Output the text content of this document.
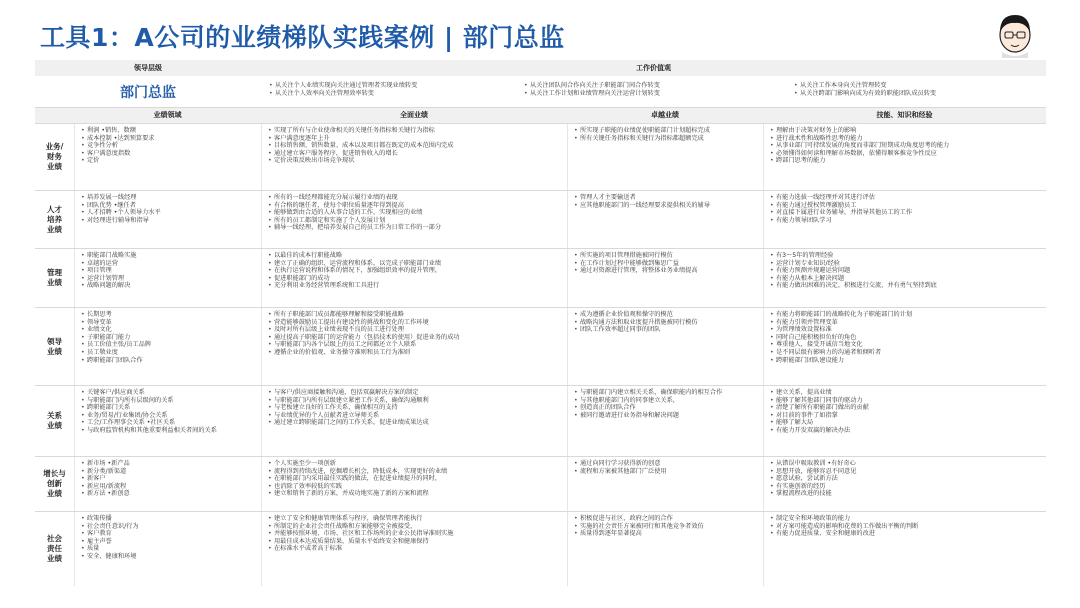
工具1：A公司的业绩梯队实践案例 | 部门总监
领导层级	工作价值观
部门总监
•	从关注个人业绩实现向关注通过管理者实现业绩转变
• 从关注个人效率向关注管理效率转变
• 从关注团队间合作向关注子职能部门间合作转变
• 从关注工作计划和业绩管理向关注运营计划转变
• 从关注工作本身向关注管理转变
• 从关注跨部门影响向成为有效的职能团队成员转变
业绩领域	全面业绩	卓越业绩	技能、知识和经验
业务/
财务
业绩
• 利润 •销售、数额
• 成本控制 •达到预算要求
• 竞争性分析
• 客户满意度指数
• 定价
• 实现了所有与企业使命相关的关键任务指标和关键行为指标
• 客户满意度逐年上升
• 目标销售额、销售数量、成本以及项目都在既定的成本范围内完成
• 通过建立客户服务程序，促进销售收入的增长
• 定价决策反映出市场竞争现状
• 所实现子职能的业绩促使职能部门计划超标完成
• 所有关键任务指标和关键行为指标都超额完成
• 理解由于决策对财务上的影响
• 进行战术性和战略性思考的能力
• 从事业部门可持续发展的角度而非部门短期成功角度思考的能力
• 必须懂得如何读和理解市场数据，依懂得顺客推竞争性反应
• 跨部门思考的能力
人才
培养
业绩
• 培养发展一线经理
• 团队优势 •继任者
• 人才招聘 •个人领导力水平
• 对经理进行辅导和指导
• 所有的一线经理都能充分展示履行业绩的表现
• 有合格的继任者，使每个职位质量逐年得到提高
• 能够做到由合适的人从事合适的工作，实现相应的业绩
• 所有的员工都制定和实施了个人发展计划
• 辅导一线经理，把培养发展自己的员工作为日常工作的一部分
• 管理人才主要输送者
• 应其他职能部门的一线经理要求提供相关的辅导
• 有能力选拔一线经理并对其进行评估
• 有能力通过授权管理激励员工
• 对直接下属进行业务辅导，并指导其他员工的工作
• 有能力领导团队学习
管理
业绩
• 职能部门战略实施
• 卓越的运营
• 项目管理
• 运营计划管理
• 战略问题的解决
• 以最佳的成本行职能战略
• 建立了正确的组织、运营流程和体系，以完成子职能部门业绩
• 在执行运营说程和体系的情况下，加强组织效率的提升管理，
• 促进职能部门的成功
• 充分利用业务经营管理系统和工具进行
• 所实施的项目管理措施被同行模仿
• 在工作计划过程中能够做到集思广益
• 通过对资源进行管理，将整体业务业绩提高
• 有3～5年的管理经验
• 运营计划专业知识/经验
• 有能力预测并规避运营问题
• 有能力从根本上解决问题
• 有能力做出困难的决定，积极进行交流，并有勇气坚持到底
领导
业绩
• 长期思考
• 领导变革
• 业绩文化
• 子职能部门能力
• 员工价值主张/员工品牌
• 员工敬业度
• 跨职能部门团队合作
• 所有子职能部门成员都能够理解和接受职能战略
• 营造能够鼓励员工提出有建设性的挑战和变化的工作环境
• 及时对所有层级上业绩表现不良的员工进行处理
• 通过提高子职能部门的运营能力（包括技术的使用）促进业务的成功
• 与职能部门内各个层级上的员工之间都还立个人联系
• 遵循企业的价值观、业务操守准则和员工行为准则
• 成为遵循企业价值观和操守的模范
• 战略沟通方法和取业度提升措施被同行模仿
• 团队工作效率超过同事的团队
• 有能力将职能部门的战略转化为子职能部门的计划
• 有能力引领并管理变革
• 为管理绩效设置标准
• 同时自己能积极担负好的角色
• 尊重他人，接受开诚信当地文化
• 是不同层级有影响力的沟通者和倾听者
• 跨职能部门团队建设能力
关系
业绩
• 关键客户/供应商关系
• 与职能部门内所有层级间的关系
• 跨职能部门关系
• 业务/贸易/行业集团/协会关系
• 工会/工作理事会关系 •社区关系
• 与政府监管机构和其他重要利益相关者间的关系
• 与客户/供应商接触和沟通，包括双赢解决方案的制定
• 与职能部门内所有层级建立紧密工作关系，确保沟通顺利
• 与老板建立良好的工作关系，确保相互的支持
• 与业绩优异的个人员献者进立导师关系
• 通过建立跨职能部门之间的工作关系，促进业绩成果达成
• 与职能部门内建立相关关系，确保职能内的相互合作
• 与其他职能部门内的同事建立关系，
• 创造真正的团队合作
• 被同行邀请进行业务指导和解决问题
• 建立关系，提高业绩
• 能够了解其他部门同事的驱动力
• 清楚了解所有职能部门做出的贡献
• 对目前的事件了如指掌
• 能够了解大局
• 有能力开发双赢的解决办法
增长与
创新
业绩
• 新市场 •新产品
• 新分类/新渠道
• 新客户
• 新应用/新流程
• 新方法 •新创意
• 个人实施至少一项创新
• 流程得到持续改进，挖掘增长机会，降低成本，实现更好的业绩
• 在职能部门内采用最佳实践的做法，在促进业绩提升的同时，
• 也消除了效率较低的实践
• 建立和销售了新的方案，并成功地实施了新的方案和流程
• 通过向同行学习获得新的创意
• 流程和方案被其他部门广泛使用
• 从错误中吸取教训 •有好奇心
• 思想开放，能够容忍不同意见
• 愿意试验，尝试新方法
• 有实施创新的经历
• 掌握流程改进的技能
社会
责任
业绩
• 政策传播
• 社会责任意识/行为
• 客户教育
• 雇主声誉
• 质量
• 安全、健康和环境
• 建立了安全和健康管理体系与程序，确保管理者能执行
• 所制定的企业社会责任战略和方案能够完全被接受，
• 并能够按照环境、市场、社区和工作场所的企业公民指导准则实施
• 用最佳成本达成质量结果，质量水平始终安全和健康保持
• 在标准水平或者高于标准
• 积极促进与社区、政府之间的合作
• 实施的社会责任方案被同行和其他竞争者效仿
• 质量得到逐年显著提高
• 制定安全和环境政策的能力
• 对方案可能造成的影响和花费的工作做出平衡的判断
• 有能力促进质量、安全和健康的改进
